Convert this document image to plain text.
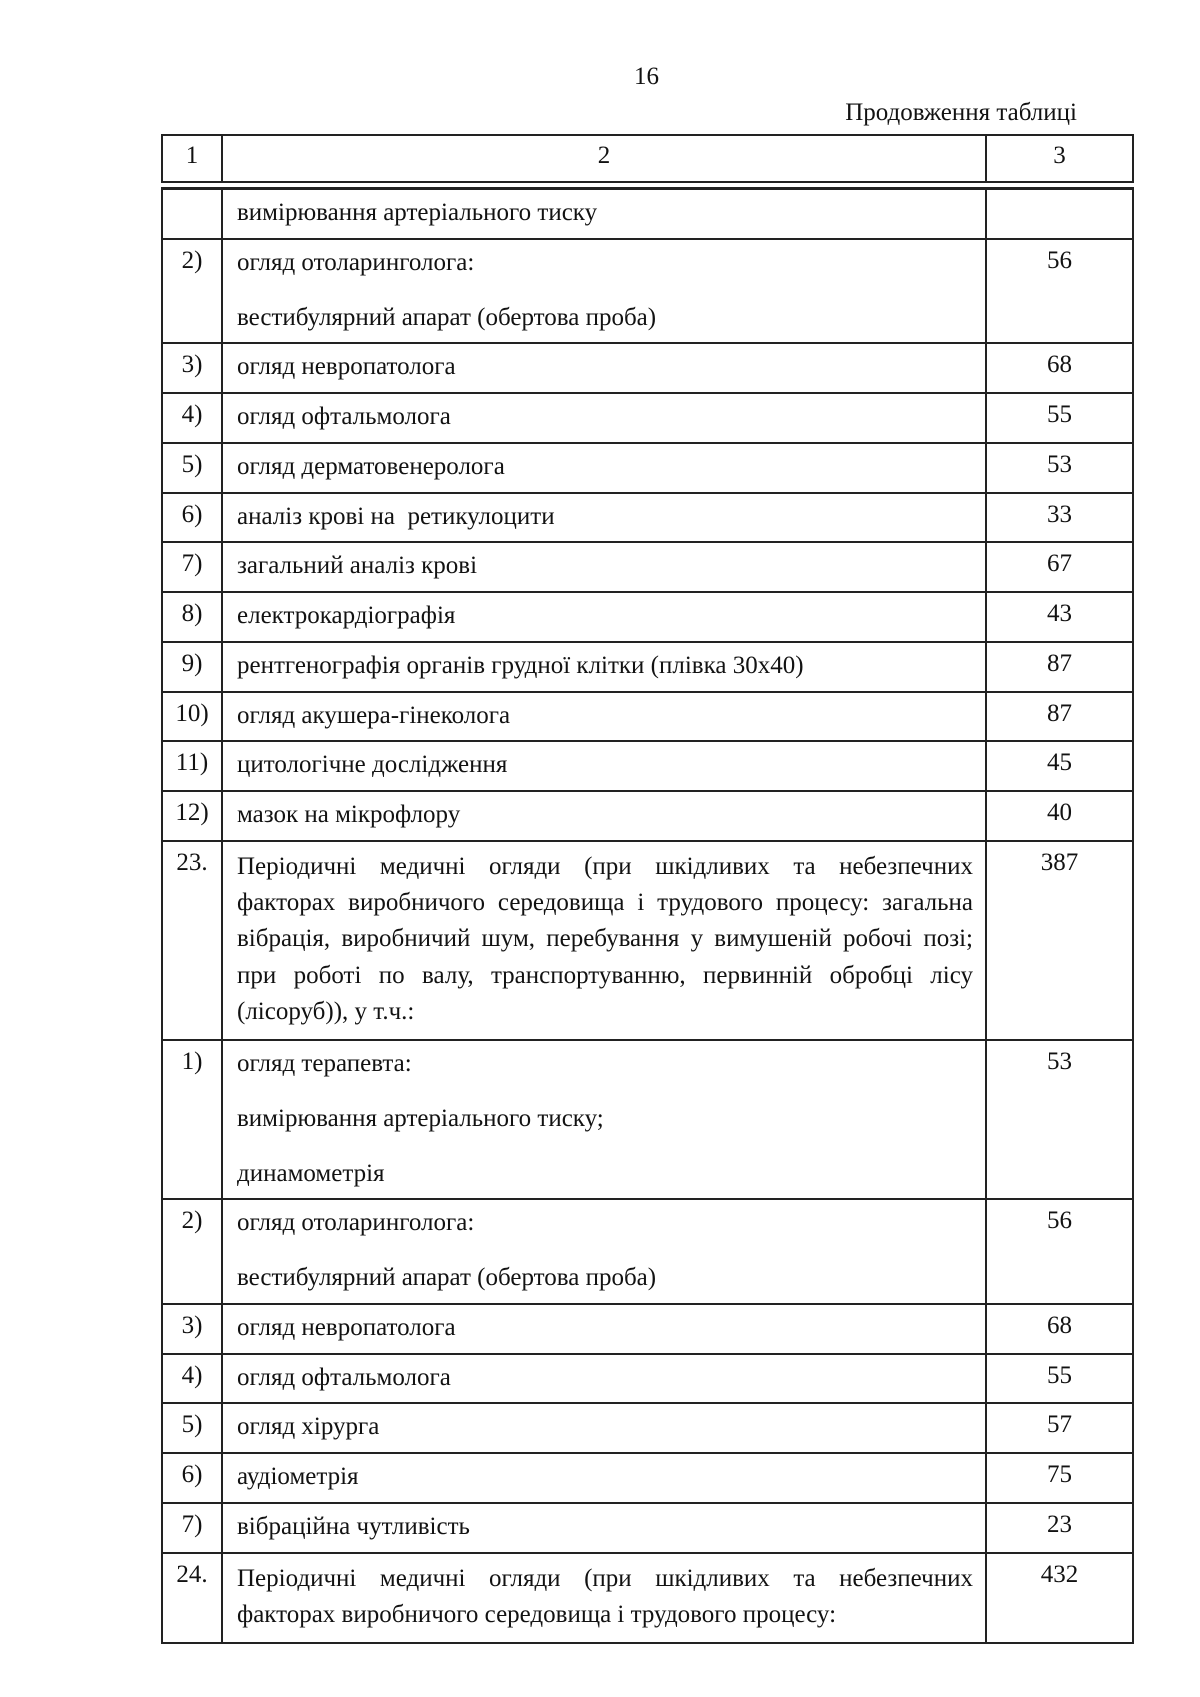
16
Продовження таблиці
1	2	3

	вимірювання артеріального тиску	

2)	огляд отоларинголога:
вестибулярний апарат (обертова проба)	56
3)	огляд невропатолога	68
4)	огляд офтальмолога	55
5)	огляд дерматовенеролога	53
6)	аналіз крові на  ретикулоцити	33
7)	загальний аналіз крові	67
8)	електрокардіографія	43
9)	рентгенографія органів грудної клітки (плівка 30х40)	87
10)	огляд акушера-гінеколога	87
11)	цитологічне дослідження	45
12)	мазок на мікрофлору	40
23.	Періодичні медичні огляди (при шкідливих та небезпечних факторах виробничого середовища і трудового процесу: загальна вібрація, виробничий шум, перебування у вимушеній робочі позі; при роботі по валу, транспортуванню, первинній обробці лісу (лісоруб)), у т.ч.:	387
1)	огляд терапевта:
вимірювання артеріального тиску;
динамометрія	53
2)	огляд отоларинголога:
вестибулярний апарат (обертова проба)	56
3)	огляд невропатолога	68
4)	огляд офтальмолога	55
5)	огляд хірурга	57
6)	аудіометрія	75
7)	вібраційна чутливість	23
24.	Періодичні медичні огляди (при шкідливих та небезпечних факторах виробничого середовища і трудового процесу:	432
